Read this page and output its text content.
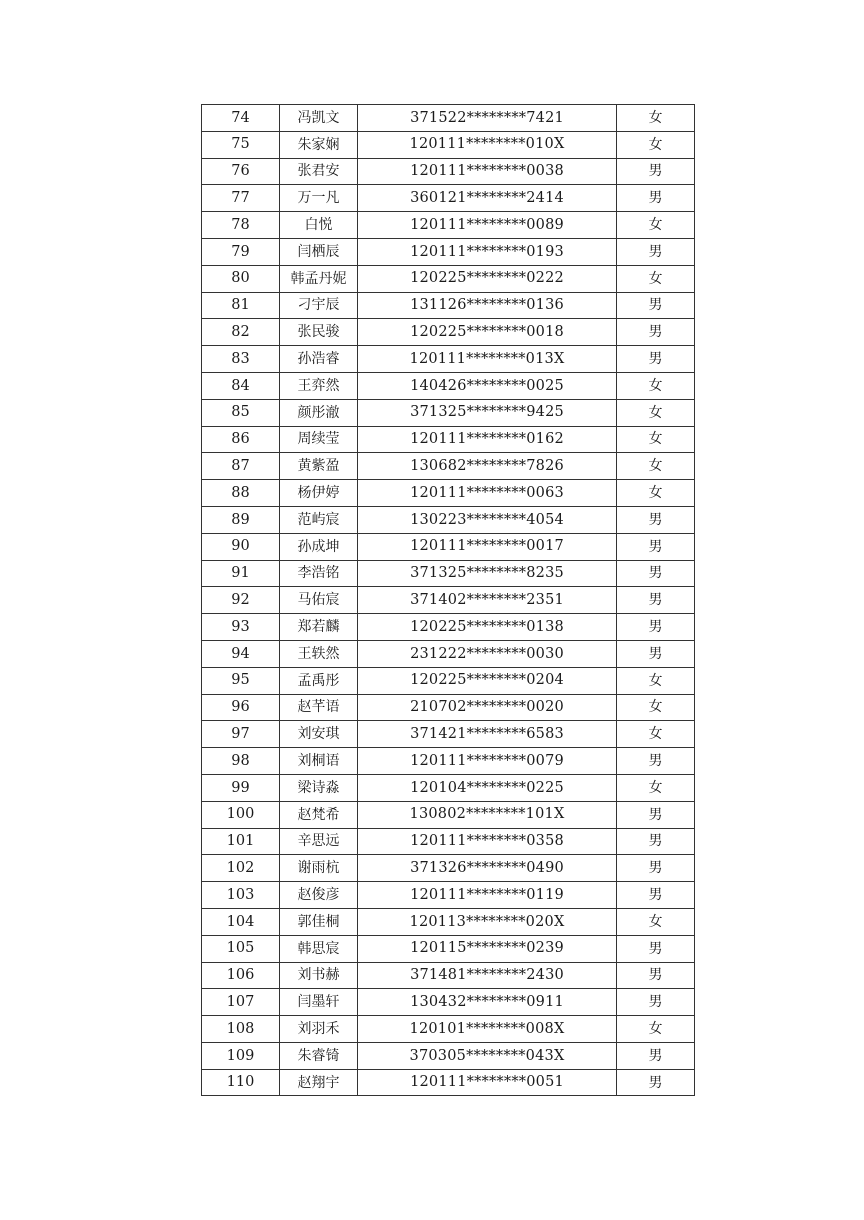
74	冯凯文	371522********7421	女
75	朱家娴	120111********010X	女
76	张君安	120111********0038	男
77	万一凡	360121********2414	男
78	白悦	120111********0089	女
79	闫栖辰	120111********0193	男
80	韩孟丹妮	120225********0222	女
81	刁宇辰	131126********0136	男
82	张民骏	120225********0018	男
83	孙浩睿	120111********013X	男
84	王弈然	140426********0025	女
85	颜彤澈	371325********9425	女
86	周续莹	120111********0162	女
87	黄紫盈	130682********7826	女
88	杨伊婷	120111********0063	女
89	范屿宸	130223********4054	男
90	孙成坤	120111********0017	男
91	李浩铭	371325********8235	男
92	马佑宸	371402********2351	男
93	郑若麟	120225********0138	男
94	王轶然	231222********0030	男
95	孟禹彤	120225********0204	女
96	赵芊语	210702********0020	女
97	刘安琪	371421********6583	女
98	刘桐语	120111********0079	男
99	梁诗淼	120104********0225	女
100	赵梵希	130802********101X	男
101	辛思远	120111********0358	男
102	谢雨杭	371326********0490	男
103	赵俊彦	120111********0119	男
104	郭佳桐	120113********020X	女
105	韩思宸	120115********0239	男
106	刘书赫	371481********2430	男
107	闫墨轩	130432********0911	男
108	刘羽禾	120101********008X	女
109	朱睿锜	370305********043X	男
110	赵翔宇	120111********0051	男
